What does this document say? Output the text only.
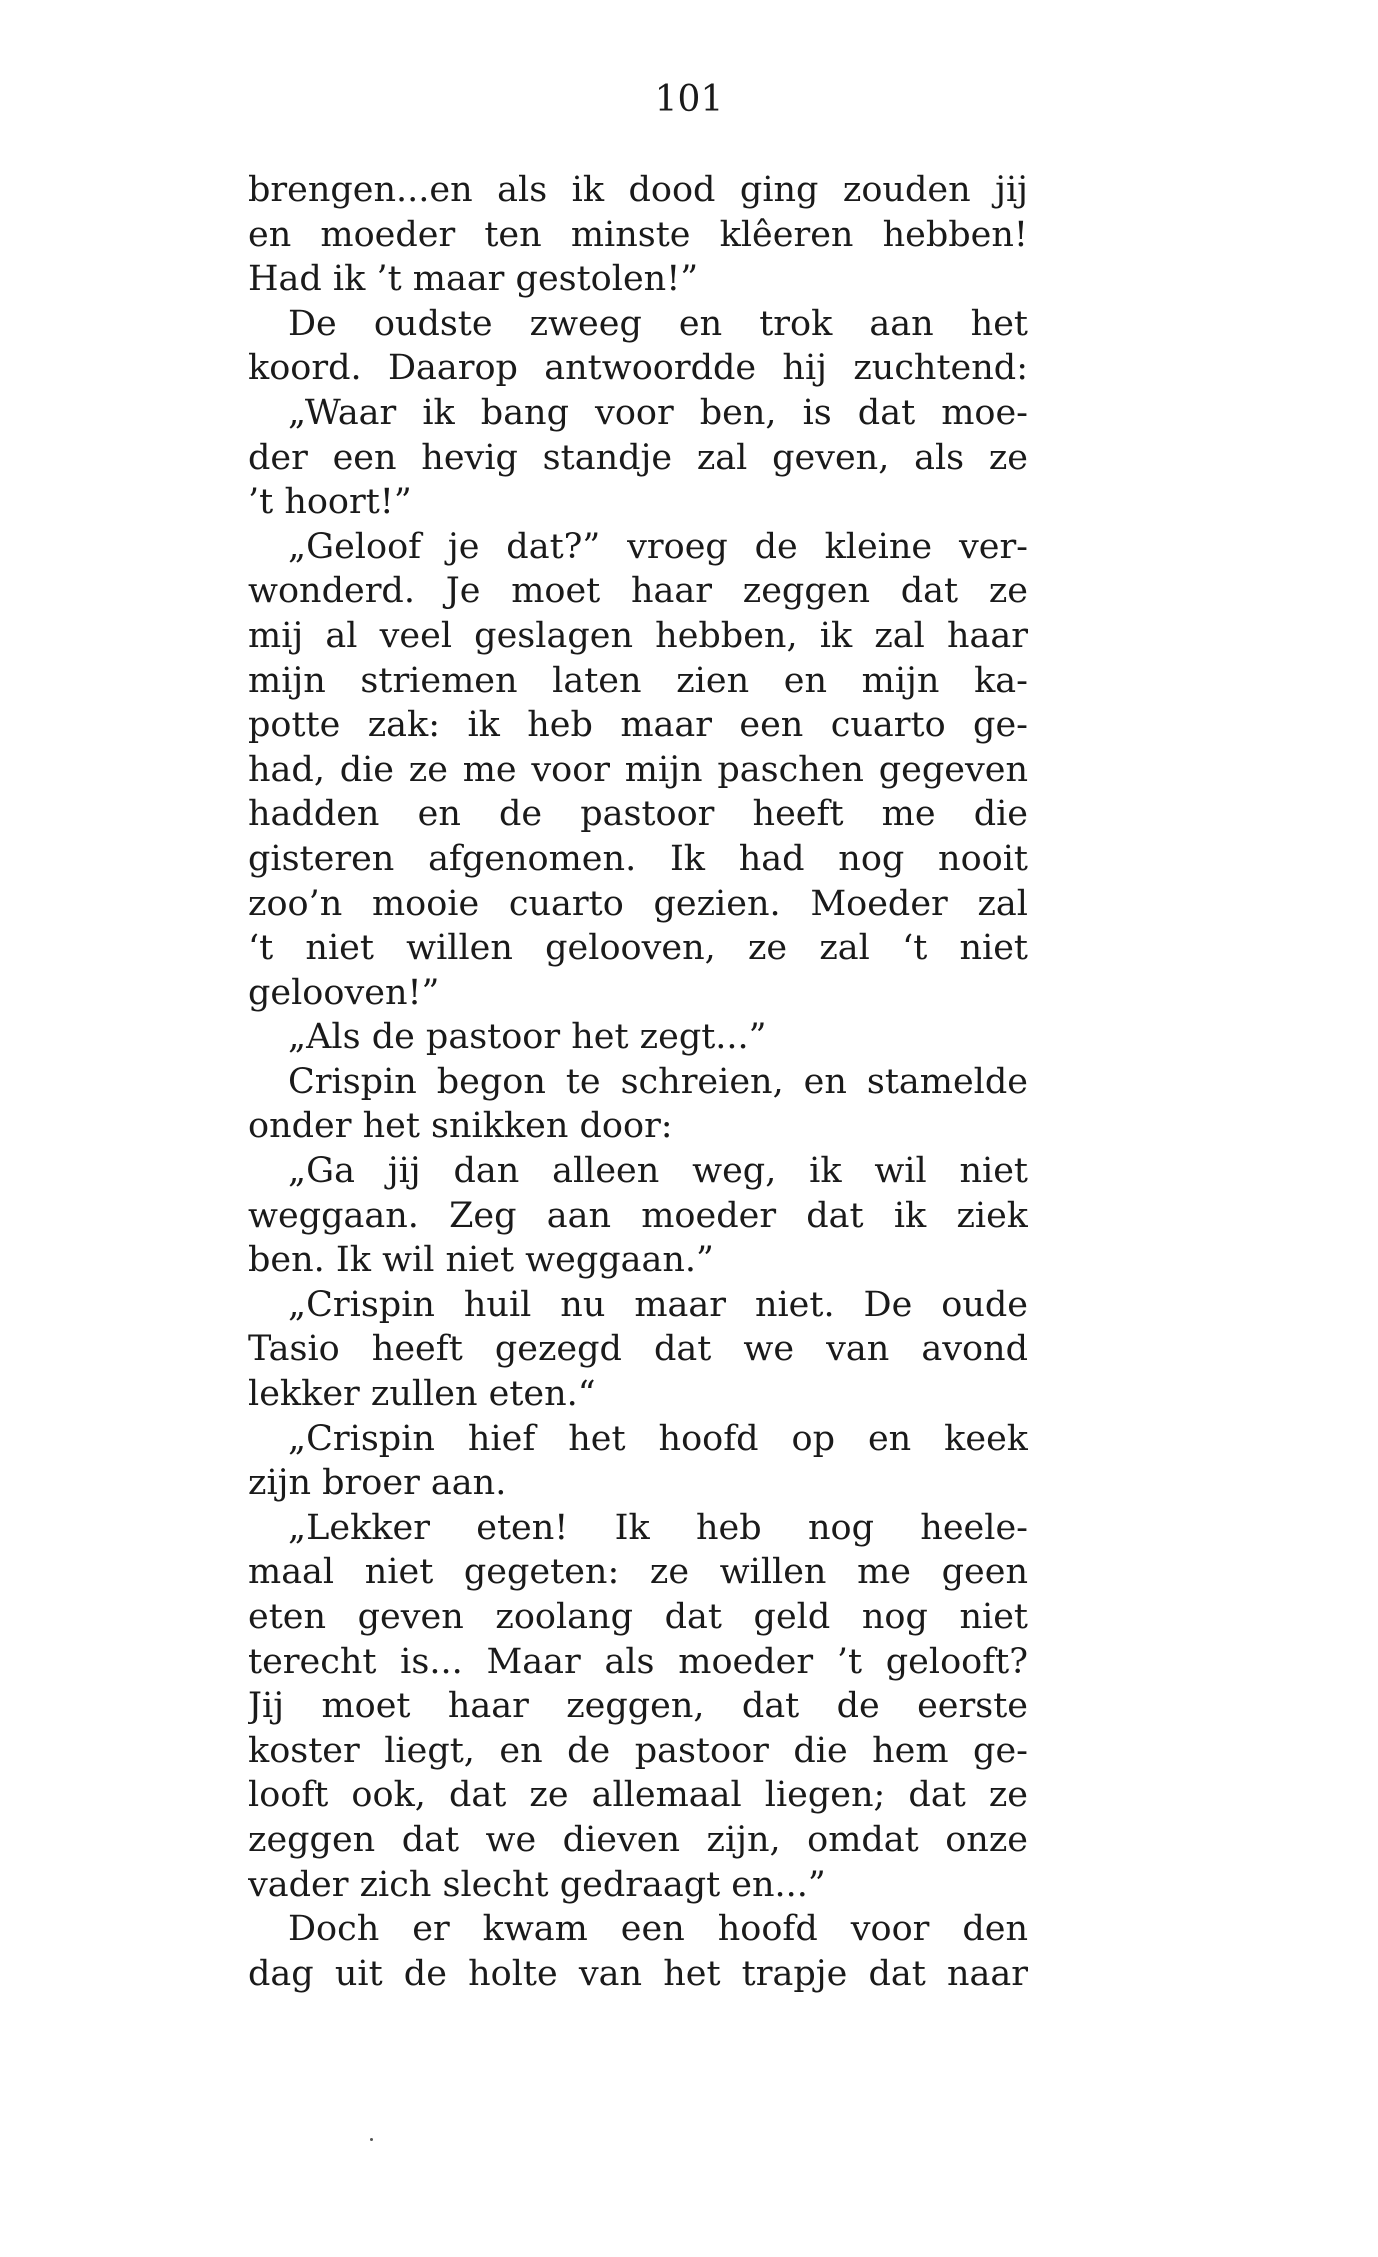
101
brengen...en als ik dood ging zouden jij
en moeder ten minste klêeren hebben!
Had ik ’t maar gestolen!”
De oudste zweeg en trok aan het
koord. Daarop antwoordde hij zuchtend:
„Waar ik bang voor ben, is dat moe-
der een hevig standje zal geven, als ze
’t hoort!”
„Geloof je dat?” vroeg de kleine ver-
wonderd. Je moet haar zeggen dat ze
mij al veel geslagen hebben, ik zal haar
mijn striemen laten zien en mijn ka-
potte zak: ik heb maar een cuarto ge-
had, die ze me voor mijn paschen gegeven
hadden en de pastoor heeft me die
gisteren afgenomen. Ik had nog nooit
zoo’n mooie cuarto gezien. Moeder zal
‘t niet willen gelooven, ze zal ‘t niet
gelooven!”
„Als de pastoor het zegt...”
Crispin begon te schreien, en stamelde
onder het snikken door:
„Ga jij dan alleen weg, ik wil niet
weggaan. Zeg aan moeder dat ik ziek
ben. Ik wil niet weggaan.”
„Crispin huil nu maar niet. De oude
Tasio heeft gezegd dat we van avond
lekker zullen eten.“
„Crispin hief het hoofd op en keek
zijn broer aan.
„Lekker eten! Ik heb nog heele-
maal niet gegeten: ze willen me geen
eten geven zoolang dat geld nog niet
terecht is... Maar als moeder ’t gelooft?
Jij moet haar zeggen, dat de eerste
koster liegt, en de pastoor die hem ge-
looft ook, dat ze allemaal liegen; dat ze
zeggen dat we dieven zijn, omdat onze
vader zich slecht gedraagt en...”
Doch er kwam een hoofd voor den
dag uit de holte van het trapje dat naar
